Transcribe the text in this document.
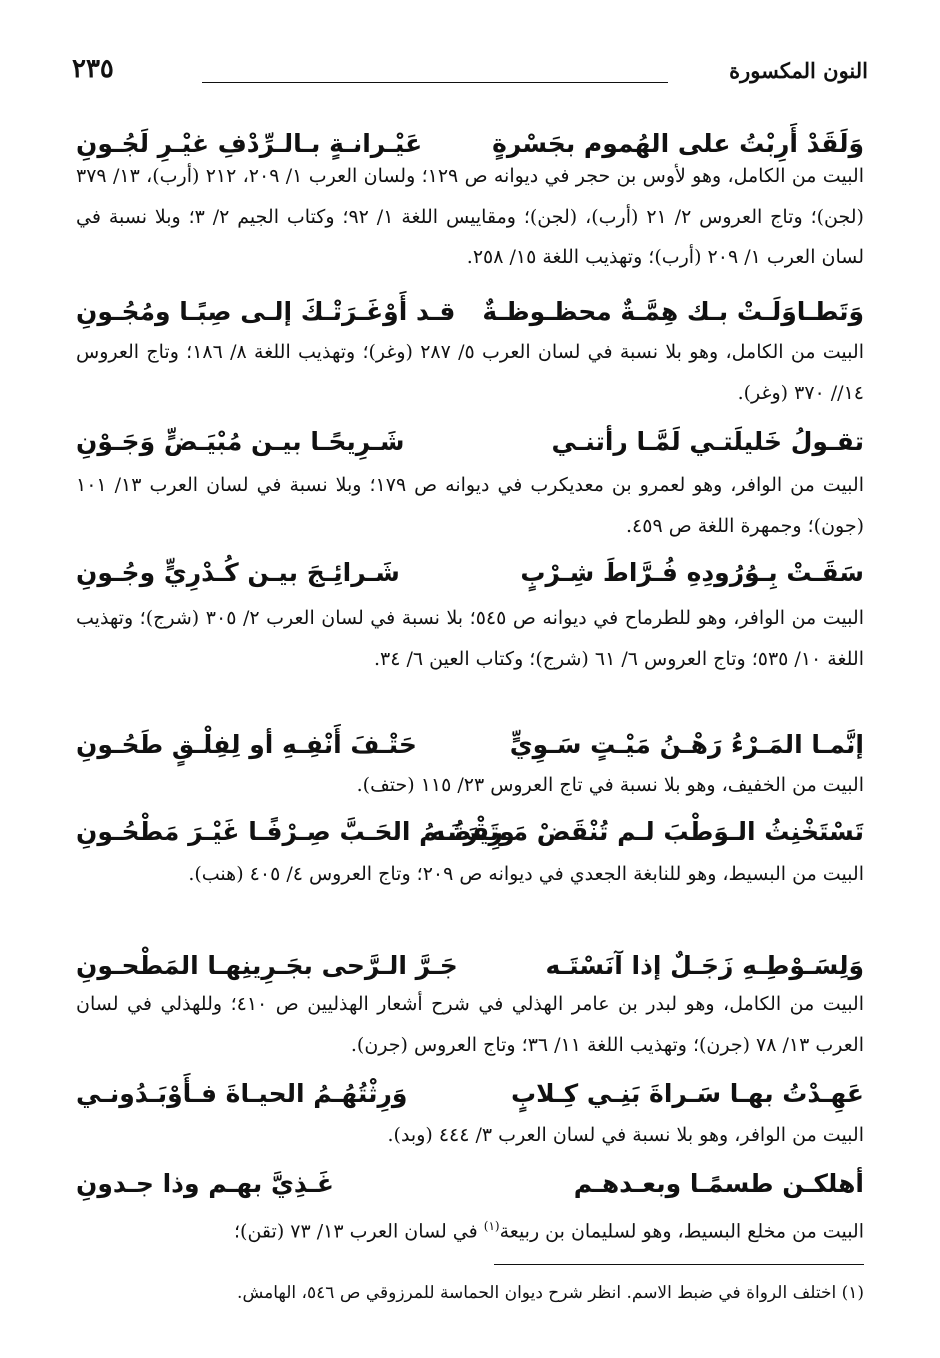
النون المكسورة
٢٣٥
وَلَقَدْ أَرِبْتُ على الهُموم بجَسْرةٍ
عَيْـرانـةٍ بـالـرِّدْفِ غيْـرِ لَجُـونِ

البيت من الكامل، وهو لأوس بن حجر في ديوانه ص ١٢٩؛ ولسان العرب ١/ ٢٠٩، ٢١٢ (أرب)، ١٣/ ٣٧٩ (لجن)؛ وتاج العروس ٢/ ٢١ (أرب)، (لجن)؛ ومقاييس اللغة ١/ ٩٢؛ وكتاب الجيم ٢/ ٣؛ وبلا نسبة في لسان العرب ١/ ٢٠٩ (أرب)؛ وتهذيب اللغة ١٥/ ٢٥٨.

وَتَطـاوَلَـتْ بـك هِمَّـةٌ محظـوظـةٌ
قـد أَوْغَـرَتْـكَ إلـى صِبًـا ومُجُـونِ

البيت من الكامل، وهو بلا نسبة في لسان العرب ٥/ ٢٨٧ (وغر)؛ وتهذيب اللغة ٨/ ١٨٦؛ وتاج العروس ١٤// ٣٧٠ (وغر).

تقـولُ خَليلَتـي لَمَّـا رأتنـي
شَـرِيحًـا بيـن مُبْيَـضٍّ وَجَـوْنِ

البيت من الوافر، وهو لعمرو بن معديكرب في ديوانه ص ١٧٩؛ وبلا نسبة في لسان العرب ١٣/ ١٠١ (جون)؛ وجمهرة اللغة ص ٤٥٩.

سَقَـتْ بِـوُرُودِهِ فُـرَّاطَ شِـرْبٍ
شَـرائِـجَ بيـن كُـدْرِيٍّ وجُـونِ

البيت من الوافر، وهو للطرماح في ديوانه ص ٥٤٥؛ بلا نسبة في لسان العرب ٢/ ٣٠٥ (شرج)؛ وتهذيب اللغة ١٠/ ٥٣٥؛ وتاج العروس ٦/ ٦١ (شرج)؛ وكتاب العين ٦/ ٣٤.

إنَّمـا المَـرْءُ رَهْـنُ مَيْـتٍ سَـوِيٍّ
حَتْـفَ أَنْفِـهِ أو لِفِلْـقٍ طَحُـونِ

البيت من الخفيف، وهو بلا نسبة في تاج العروس ٢٣/ ١١٥ (حتف).

تَسْتَخْنِثُ الـوَطْبَ لـم تُنْقَضْ مَـرِيرَتُـه
وتَقْضَـمُ الحَـبَّ صِـرْفًـا غَيْـرَ مَطْحُـونِ

البيت من البسيط، وهو للنابغة الجعدي في ديوانه ص ٢٠٩؛ وتاج العروس ٤/ ٤٠٥ (هنب).

وَلِسَـوْطِـهِ زَجَـلٌ إذا آنَسْتَـه
جَـرَّ الـرَّحى بجَـرِينِهـا المَطْحـونِ

البيت من الكامل، وهو لبدر بن عامر الهذلي في شرح أشعار الهذليين ص ٤١٠؛ وللهذلي في لسان العرب ١٣/ ٧٨ (جرن)؛ وتهذيب اللغة ١١/ ٣٦؛ وتاج العروس (جرن).

عَهِـدْتُ بهـا سَـراةَ بَنِـي كِـلابٍ
وَرِثْتُهُـمُ الحيـاةَ فـأَوْبَـدُونـي

البيت من الوافر، وهو بلا نسبة في لسان العرب ٣/ ٤٤٤ (وبد).

أهلكـن طسمًـا وبعـدهـم
غَـذِيَّ بهـم وذا جـدونِ

البيت من مخلع البسيط، وهو لسليمان بن ربيعة$^{(١)}$ في لسان العرب ١٣/ ٧٣ (تقن)؛

(١) اختلف الرواة في ضبط الاسم. انظر شرح ديوان الحماسة للمرزوقي ص ٥٤٦، الهامش.
